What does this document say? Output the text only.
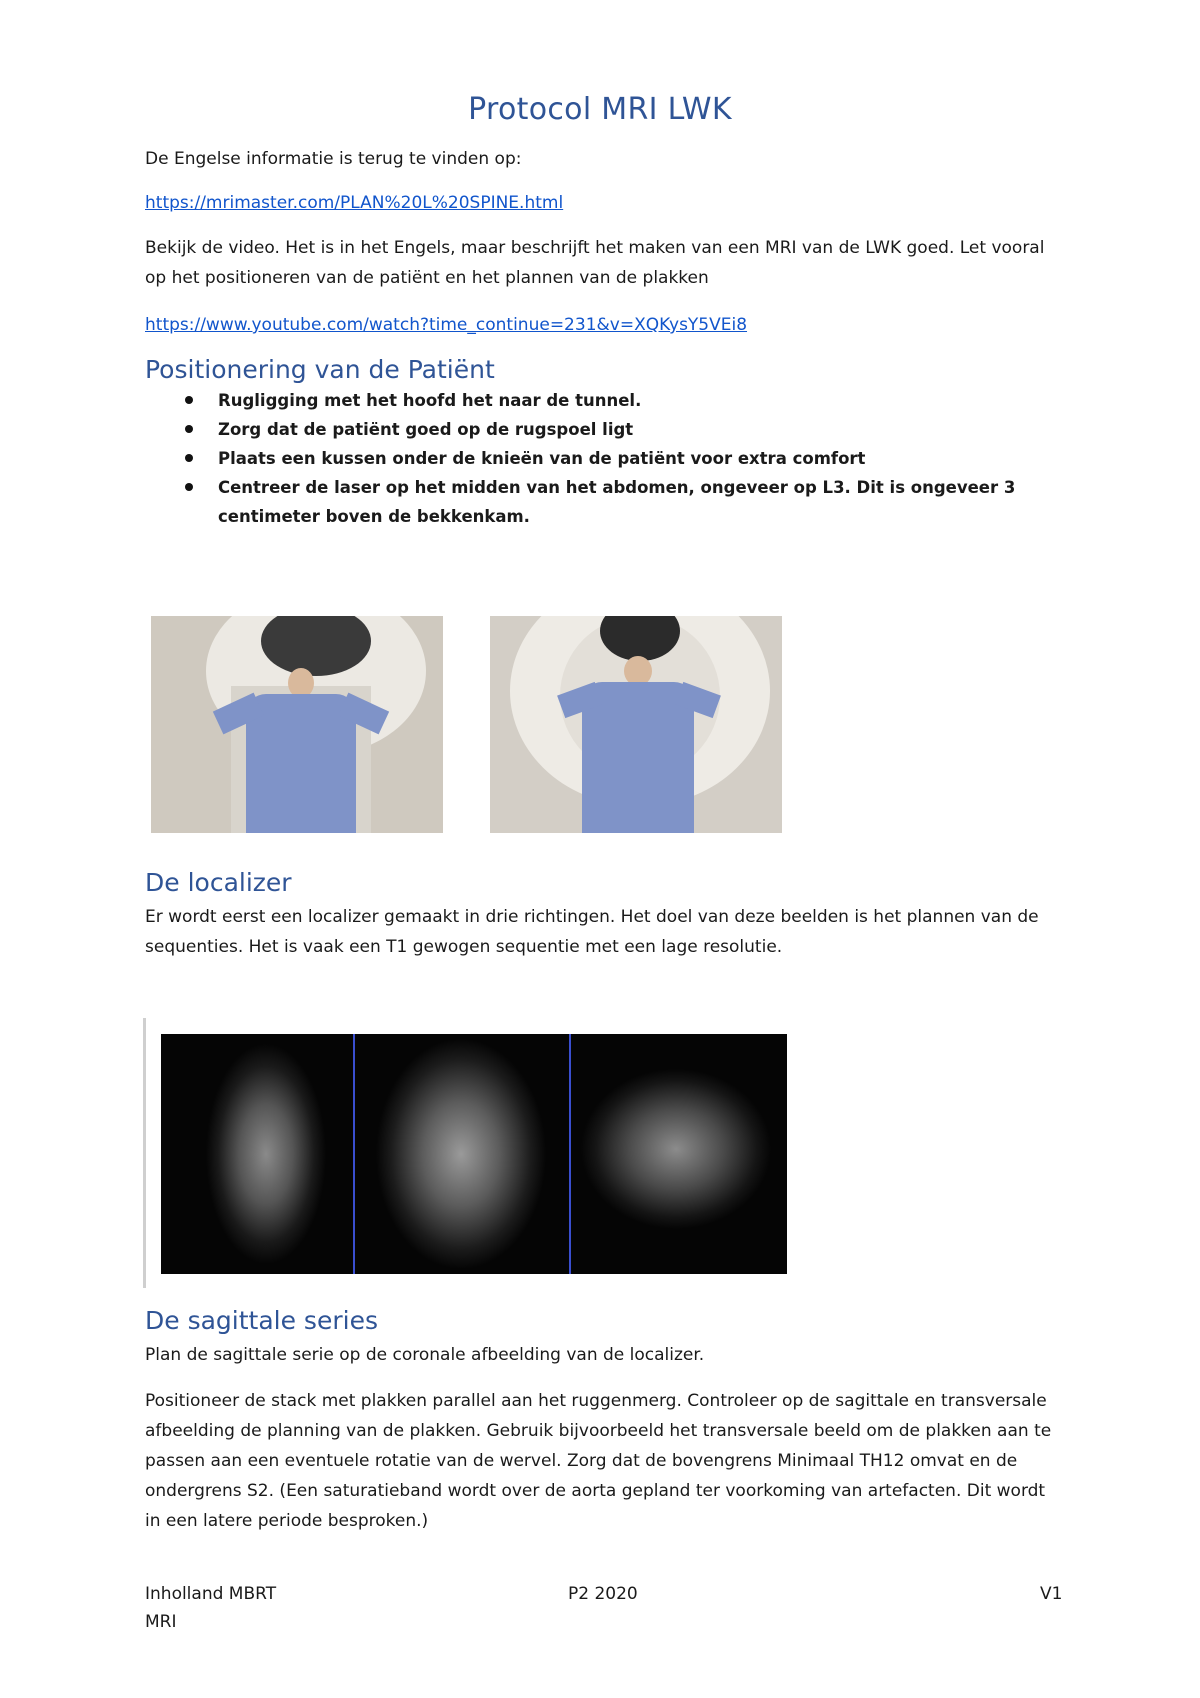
Protocol MRI LWK
De Engelse informatie is terug te vinden op:
https://mrimaster.com/PLAN%20L%20SPINE.html
Bekijk de video. Het is in het Engels, maar beschrijft het maken van een MRI van de LWK goed. Let vooral op het positioneren van de patiënt en het plannen van de plakken
https://www.youtube.com/watch?time_continue=231&v=XQKysY5VEi8
Positionering van de Patiënt
Rugligging met het hoofd het naar de tunnel.
Zorg dat de patiënt goed op de rugspoel ligt
Plaats een kussen onder de knieën van de patiënt voor extra comfort
Centreer de laser op het midden van het abdomen, ongeveer op L3. Dit is ongeveer 3 centimeter boven de bekkenkam.
De localizer
Er wordt eerst een localizer gemaakt in drie richtingen. Het doel van deze beelden is het plannen van de sequenties. Het is vaak een T1 gewogen sequentie met een lage resolutie.
De sagittale series
Plan de sagittale serie op de coronale afbeelding van de localizer.
Positioneer de stack met plakken parallel aan het ruggenmerg. Controleer op de sagittale en transversale afbeelding de planning van de plakken. Gebruik bijvoorbeeld het transversale beeld om de plakken aan te passen aan een eventuele rotatie van de wervel. Zorg dat de bovengrens Minimaal TH12 omvat en de ondergrens S2. (Een saturatieband wordt over de aorta gepland ter voorkoming van artefacten. Dit wordt in een latere periode besproken.)
Inholland MBRT
MRI
P2 2020	V1
